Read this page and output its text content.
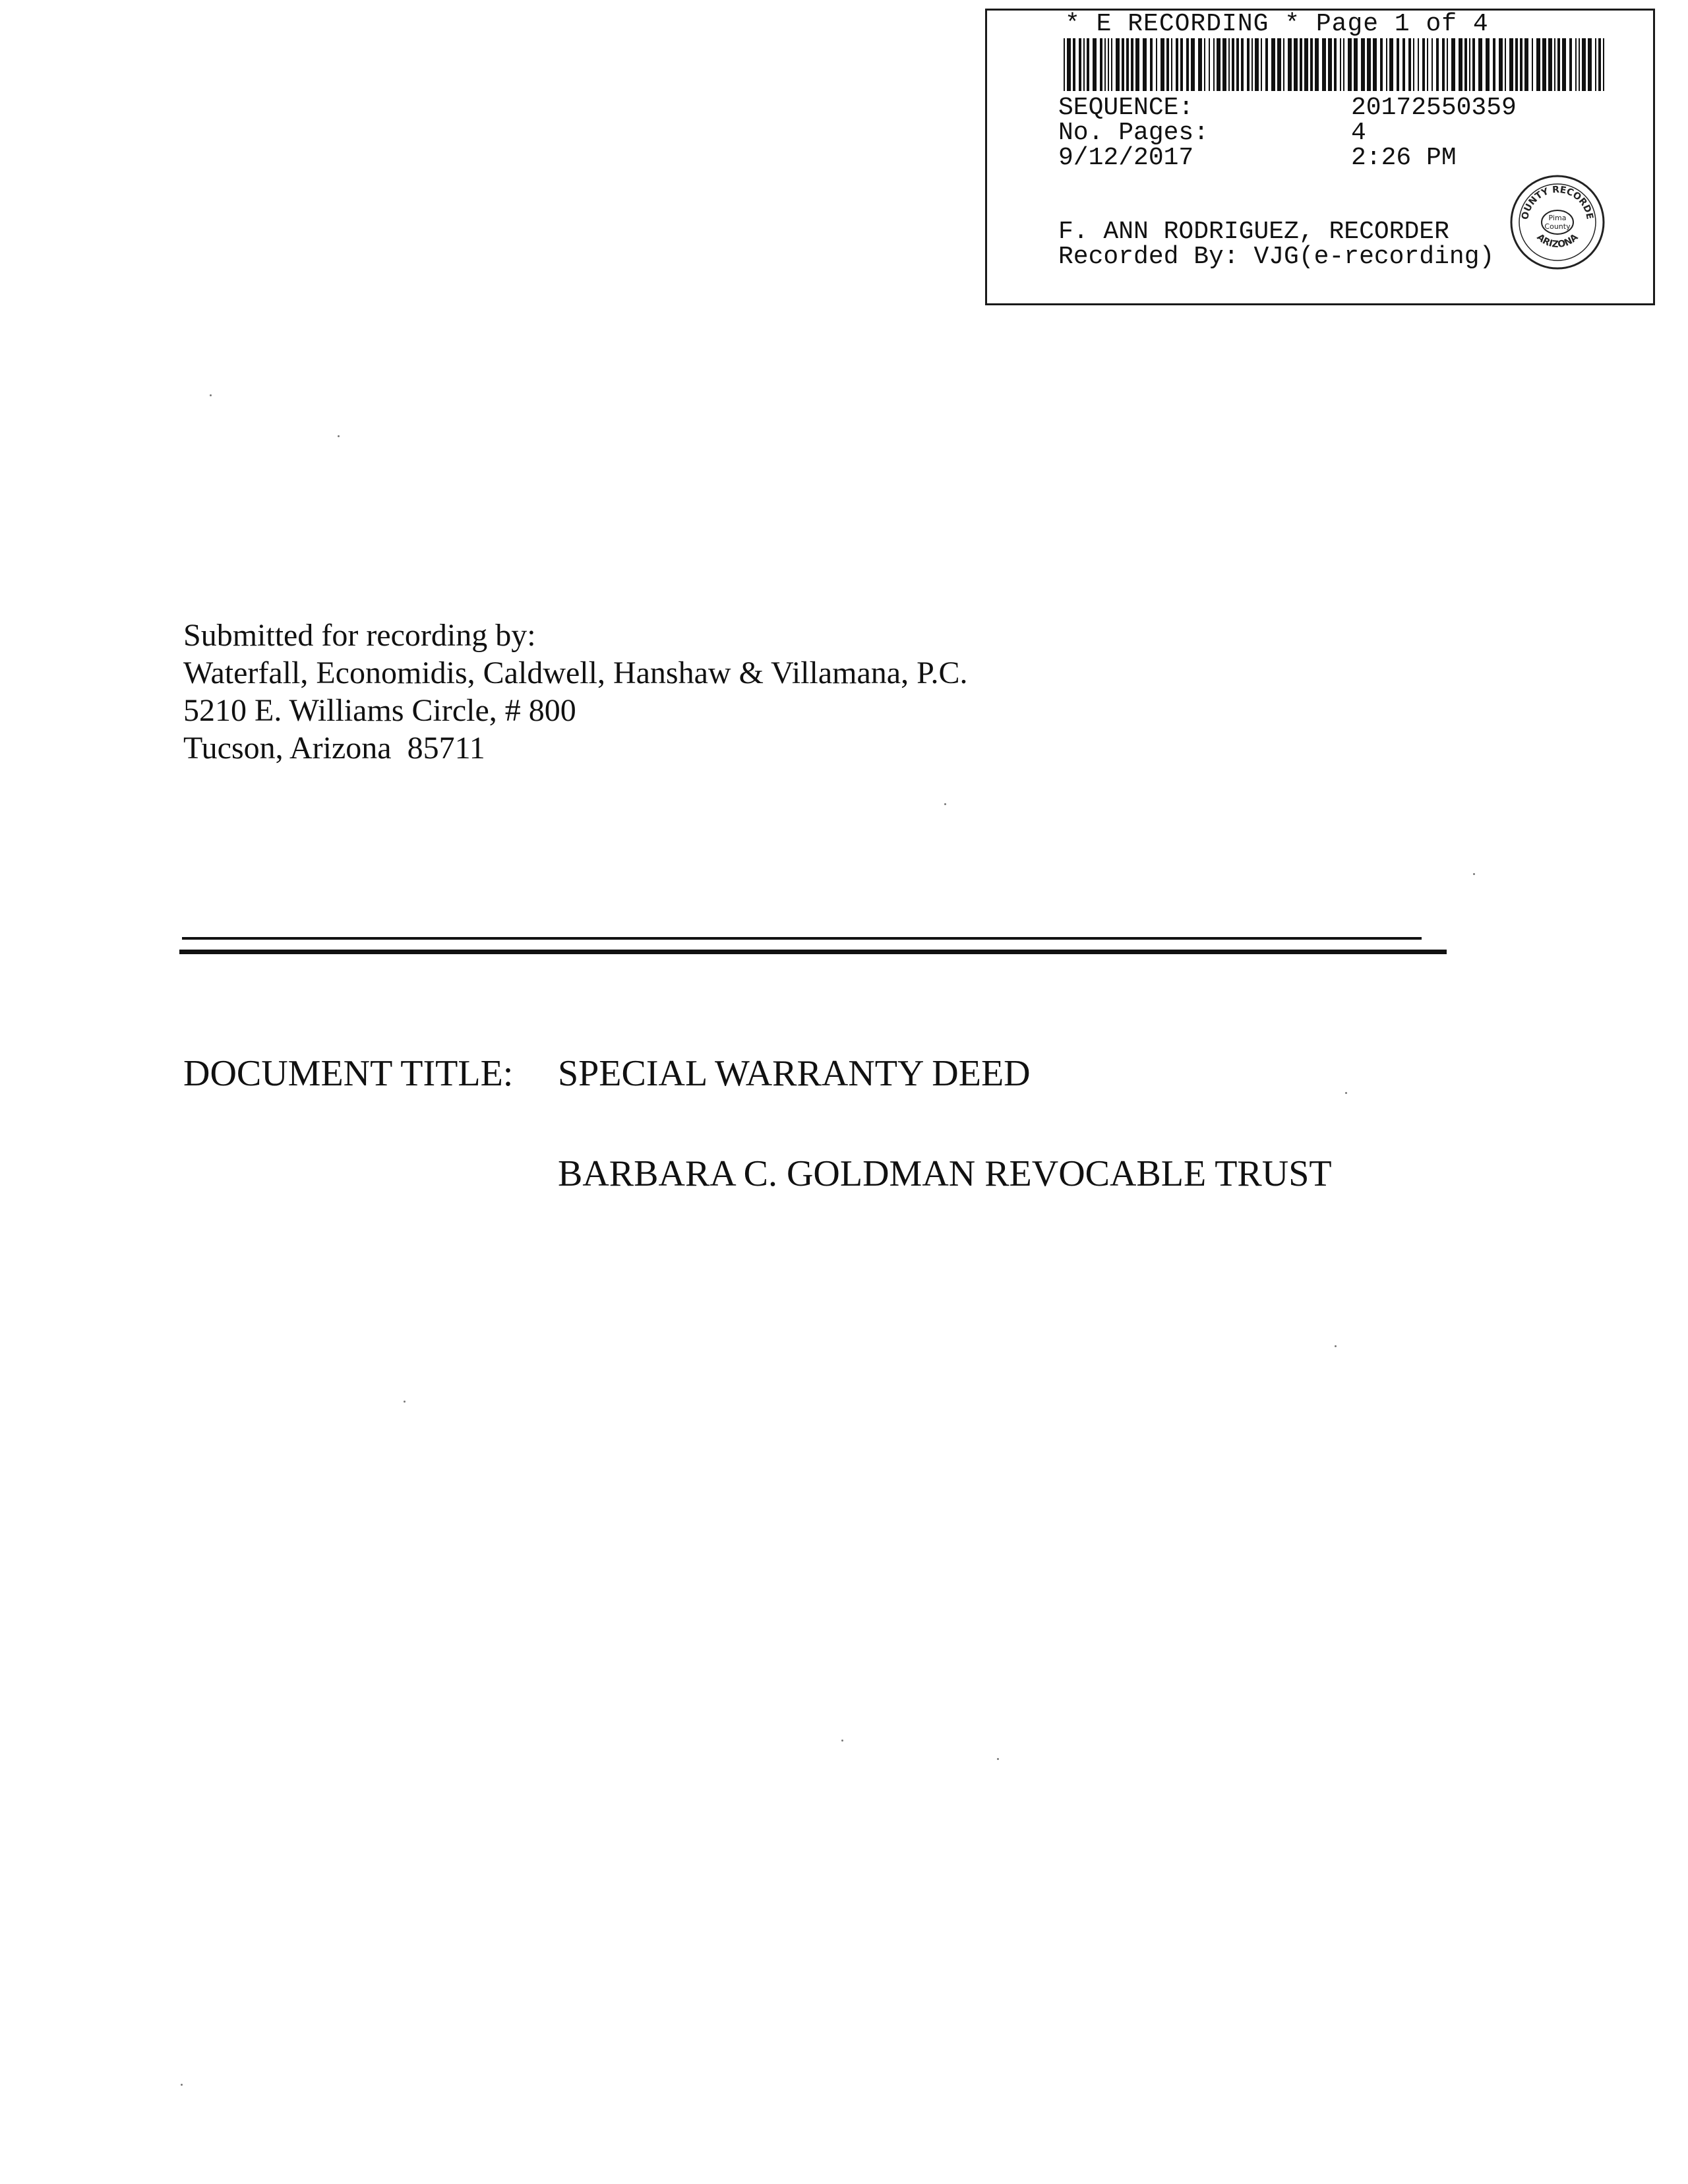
* E RECORDING * Page 1 of 4
SEQUENCE:	20172550359
No. Pages:	4
9/12/2017	2:26 PM
F. ANN RODRIGUEZ, RECORDER
Recorded By: VJG(e-recording)
OUNTY RECORDE
ARIZONA
Pima
County
Submitted for recording by:
Waterfall, Economidis, Caldwell, Hanshaw & Villamana, P.C.
5210 E. Williams Circle, # 800
Tucson, Arizona  85711
DOCUMENT TITLE: SPECIAL WARRANTY DEED
BARBARA C. GOLDMAN REVOCABLE TRUST
